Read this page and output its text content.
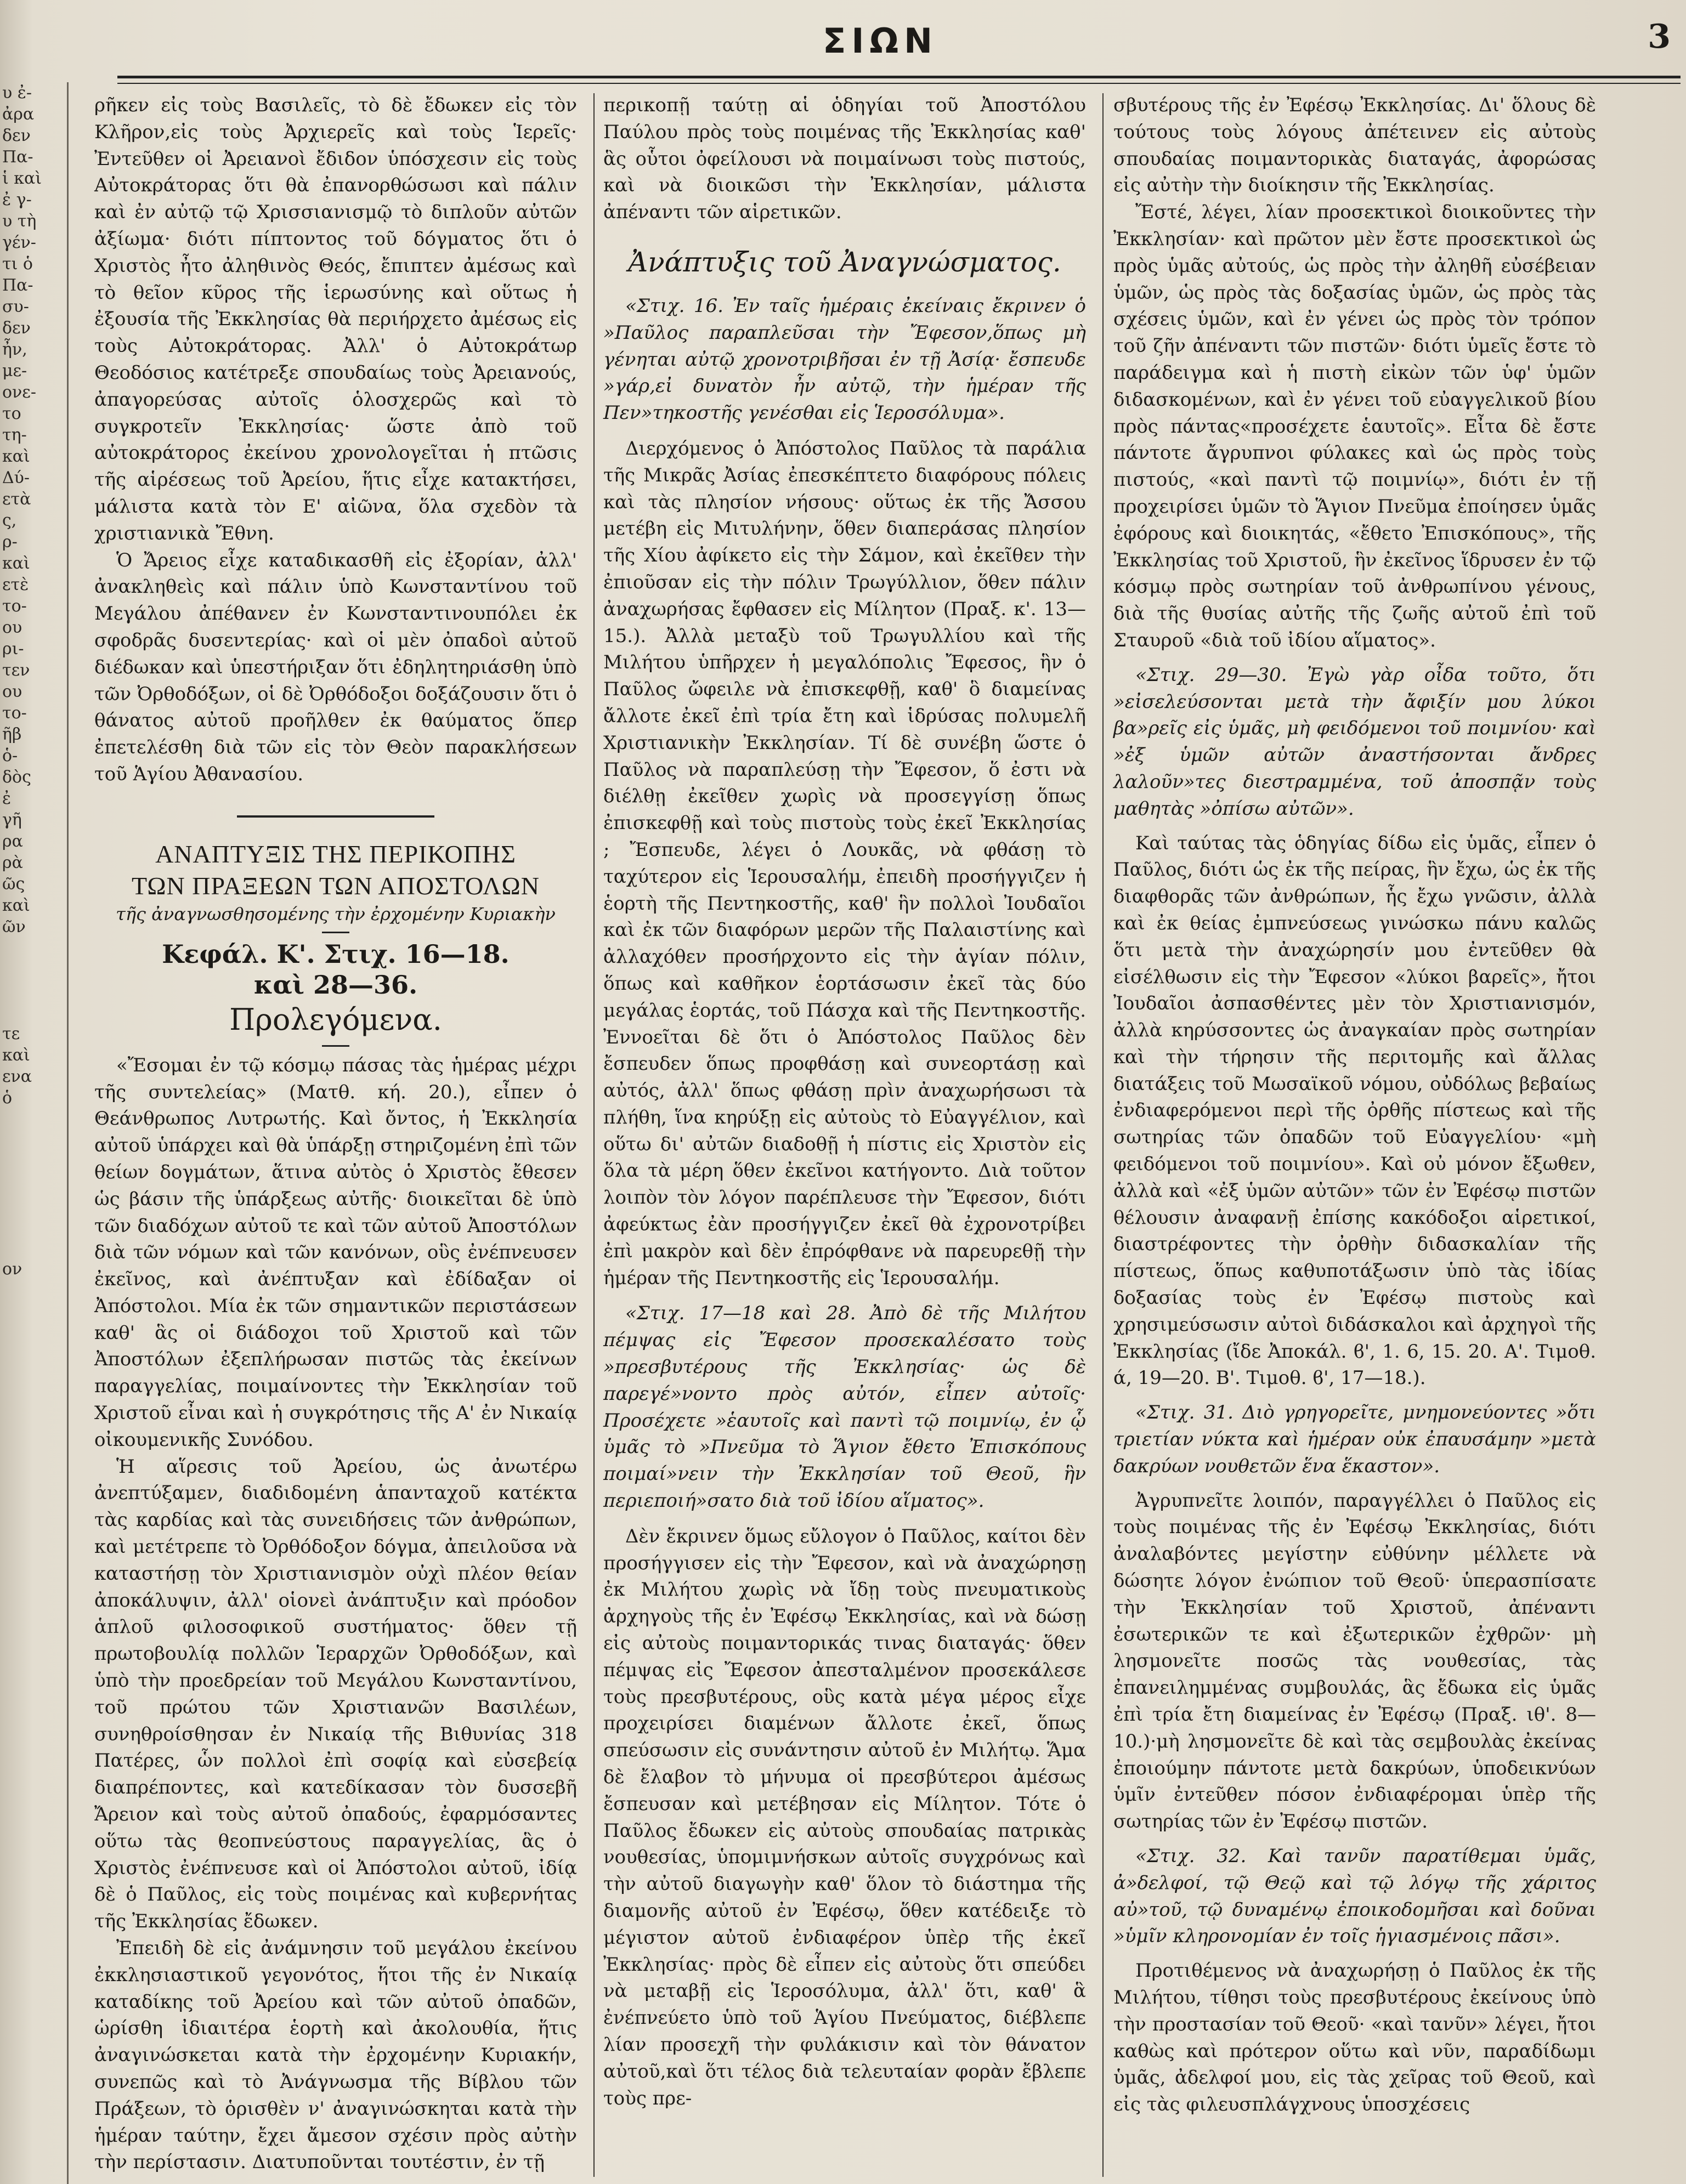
υ ἐ-
ἀρα
δεν
Πα-
ἱ καὶ
ἐ γ-
υ τὴ
γέν-
τι ὁ
Πα-
συ-
δεν
ἦν,
με-
ονε-
το
τη-
καὶ
Δύ-
ετὰ
ς,
ρ-
καὶ
ετὲ
το-
ου
ρι-
τεν
ου
το-
ῆβ
ὁ-
δὸς
ἐ
γῆ
ρα
ρὰ
ῶς
καὶ
ῶν

τε
καὶ
ενα
ὁ

ον

ΣΙΩΝ	3

ρῆκεν εἰς τοὺς Βασιλεῖς, τὸ δὲ ἔδωκεν εἰς τὸν Κλῆρον,εἰς τοὺς Ἀρχιερεῖς καὶ τοὺς Ἱερεῖς· Ἐντεῦθεν οἱ Ἀρειανοὶ ἔδιδον ὑπόσχεσιν εἰς τοὺς Αὐτοκράτορας ὅτι θὰ ἐπανορθώσωσι καὶ πάλιν καὶ ἐν αὐτῷ τῷ Χρισσιανισμῷ τὸ διπλοῦν αὐτῶν ἀξίωμα· διότι πίπτοντος τοῦ δόγματος ὅτι ὁ Χριστὸς ἦτο ἀληθινὸς Θεός, ἔπιπτεν ἀμέσως καὶ τὸ θεῖον κῦρος τῆς ἱερωσύνης καὶ οὕτως ἡ ἐξουσία τῆς Ἐκκλησίας θὰ περιήρχετο ἀμέσως εἰς τοὺς Αὐτοκράτορας. Ἀλλ' ὁ Αὐτοκράτωρ Θεοδόσιος κατέτρεξε σπουδαίως τοὺς Ἀρειανούς, ἀπαγορεύσας αὐτοῖς ὁλοσχερῶς καὶ τὸ συγκροτεῖν Ἐκκλησίας· ὥστε ἀπὸ τοῦ αὐτοκράτορος ἐκείνου χρονολογεῖται ἡ πτῶσις τῆς αἱρέσεως τοῦ Ἀρείου, ἥτις εἶχε κατακτήσει, μάλιστα κατὰ τὸν Ε' αἰῶνα, ὅλα σχεδὸν τὰ χριστιανικὰ Ἔθνη.

Ὁ Ἄρειος εἶχε καταδικασθῆ εἰς ἐξορίαν, ἀλλ' ἀνακληθεὶς καὶ πάλιν ὑπὸ Κωνσταντίνου τοῦ Μεγάλου ἀπέθανεν ἐν Κωνσταντινουπόλει ἐκ σφοδρᾶς δυσεντερίας· καὶ οἱ μὲν ὀπαδοὶ αὐτοῦ διέδωκαν καὶ ὑπεστήριξαν ὅτι ἐδηλητηριάσθη ὑπὸ τῶν Ὀρθοδόξων, οἱ δὲ Ὀρθόδοξοι δοξάζουσιν ὅτι ὁ θάνατος αὐτοῦ προῆλθεν ἐκ θαύματος ὅπερ ἐπετελέσθη διὰ τῶν εἰς τὸν Θεὸν παρακλήσεων τοῦ Ἁγίου Ἀθανασίου.

ΑΝΑΠΤΥΞΙΣ ΤΗΣ ΠΕΡΙΚΟΠΗΣ

ΤΩΝ ΠΡΑΞΕΩΝ ΤΩΝ ΑΠΟΣΤΟΛΩΝ

τῆς ἀναγνωσθησομένης τὴν ἐρχομένην Κυριακὴν

Κεφάλ. Κ'. Στιχ. 16—18.

καὶ 28—36.

Προλεγόμενα.

«Ἔσομαι ἐν τῷ κόσμῳ πάσας τὰς ἡμέρας μέχρι τῆς συντελείας» (Ματθ. κή. 20.), εἶπεν ὁ Θεάνθρωπος Λυτρωτής. Καὶ ὄντος, ἡ Ἐκκλησία αὐτοῦ ὑπάρχει καὶ θὰ ὑπάρξῃ στηριζομένη ἐπὶ τῶν θείων δογμάτων, ἅτινα αὐτὸς ὁ Χριστὸς ἔθεσεν ὡς βάσιν τῆς ὑπάρξεως αὐτῆς· διοικεῖται δὲ ὑπὸ τῶν διαδόχων αὐτοῦ τε καὶ τῶν αὐτοῦ Ἀποστόλων διὰ τῶν νόμων καὶ τῶν κανόνων, οὓς ἐνέπνευσεν ἐκεῖνος, καὶ ἀνέπτυξαν καὶ ἐδίδαξαν οἱ Ἀπόστολοι. Μία ἐκ τῶν σημαντικῶν περιστάσεων καθ' ἃς οἱ διάδοχοι τοῦ Χριστοῦ καὶ τῶν Ἀποστόλων ἐξεπλήρωσαν πιστῶς τὰς ἐκείνων παραγγελίας, ποιμαίνοντες τὴν Ἐκκλησίαν τοῦ Χριστοῦ εἶναι καὶ ἡ συγκρότησις τῆς Α' ἐν Νικαίᾳ οἰκουμενικῆς Συνόδου.

Ἡ αἵρεσις τοῦ Ἀρείου, ὡς ἀνωτέρω ἀνεπτύξαμεν, διαδιδομένη ἁπανταχοῦ κατέκτα τὰς καρδίας καὶ τὰς συνειδήσεις τῶν ἀνθρώπων, καὶ μετέτρεπε τὸ Ὀρθόδοξον δόγμα, ἀπειλοῦσα νὰ καταστήσῃ τὸν Χριστιανισμὸν οὐχὶ πλέον θείαν ἀποκάλυψιν, ἀλλ' οἱονεὶ ἀνάπτυξιν καὶ πρόοδον ἁπλοῦ φιλοσοφικοῦ συστήματος· ὅθεν τῇ πρωτοβουλίᾳ πολλῶν Ἱεραρχῶν Ὀρθοδόξων, καὶ ὑπὸ τὴν προεδρείαν τοῦ Μεγάλου Κωνσταντίνου, τοῦ πρώτου τῶν Χριστιανῶν Βασιλέων, συνηθροίσθησαν ἐν Νικαίᾳ τῆς Βιθυνίας 318 Πατέρες, ὧν πολλοὶ ἐπὶ σοφίᾳ καὶ εὐσεβείᾳ διαπρέποντες, καὶ κατεδίκασαν τὸν δυσσεβῆ Ἄρειον καὶ τοὺς αὐτοῦ ὀπαδούς, ἐφαρμόσαντες οὕτω τὰς θεοπνεύστους παραγγελίας, ἃς ὁ Χριστὸς ἐνέπνευσε καὶ οἱ Ἀπόστολοι αὐτοῦ, ἰδίᾳ δὲ ὁ Παῦλος, εἰς τοὺς ποιμένας καὶ κυβερνήτας τῆς Ἐκκλησίας ἔδωκεν.

Ἐπειδὴ δὲ εἰς ἀνάμνησιν τοῦ μεγάλου ἐκείνου ἐκκλησιαστικοῦ γεγονότος, ἥτοι τῆς ἐν Νικαίᾳ καταδίκης τοῦ Ἀρείου καὶ τῶν αὐτοῦ ὀπαδῶν, ὡρίσθη ἰδιαιτέρα ἑορτὴ καὶ ἀκολουθία, ἥτις ἀναγινώσκεται κατὰ τὴν ἐρχομένην Κυριακήν, συνεπῶς καὶ τὸ Ἀνάγνωσμα τῆς Βίβλου τῶν Πράξεων, τὸ ὁρισθὲν ν' ἀναγινώσκηται κατὰ τὴν ἡμέραν ταύτην, ἔχει ἄμεσον σχέσιν πρὸς αὐτὴν τὴν περίστασιν. Διατυποῦνται τουτέστιν, ἐν τῇ

περικοπῇ ταύτῃ αἱ ὁδηγίαι τοῦ Ἀποστόλου Παύλου πρὸς τοὺς ποιμένας τῆς Ἐκκλησίας καθ' ἃς οὗτοι ὀφείλουσι νὰ ποιμαίνωσι τοὺς πιστούς, καὶ νὰ διοικῶσι τὴν Ἐκκλησίαν, μάλιστα ἀπέναντι τῶν αἱρετικῶν.

Ἀνάπτυξις τοῦ Ἀναγνώσματος.

«Στιχ. 16. Ἐν ταῖς ἡμέραις ἐκείναις ἔκρινεν ὁ »Παῦλος παραπλεῦσαι τὴν Ἔφεσον,ὅπως μὴ γένηται αὐτῷ χρονοτριβῆσαι ἐν τῇ Ἀσίᾳ· ἔσπευδε »γάρ,εἰ δυνατὸν ἦν αὐτῷ, τὴν ἡμέραν τῆς Πεν»τηκοστῆς γενέσθαι εἰς Ἱεροσόλυμα».

Διερχόμενος ὁ Ἀπόστολος Παῦλος τὰ παράλια τῆς Μικρᾶς Ἀσίας ἐπεσκέπτετο διαφόρους πόλεις καὶ τὰς πλησίον νήσους· οὕτως ἐκ τῆς Ἄσσου μετέβη εἰς Μιτυλήνην, ὅθεν διαπεράσας πλησίον τῆς Χίου ἀφίκετο εἰς τὴν Σάμον, καὶ ἐκεῖθεν τὴν ἐπιοῦσαν εἰς τὴν πόλιν Τρωγύλλιον, ὅθεν πάλιν ἀναχωρήσας ἔφθασεν εἰς Μίλητον (Πραξ. κ'. 13—15.). Ἀλλὰ μεταξὺ τοῦ Τρωγυλλίου καὶ τῆς Μιλήτου ὑπῆρχεν ἡ μεγαλόπολις Ἔφεσος, ἣν ὁ Παῦλος ὤφειλε νὰ ἐπισκεφθῇ, καθ' ὃ διαμείνας ἄλλοτε ἐκεῖ ἐπὶ τρία ἔτη καὶ ἱδρύσας πολυμελῆ Χριστιανικὴν Ἐκκλησίαν. Τί δὲ συνέβη ὥστε ὁ Παῦλος νὰ παραπλεύσῃ τὴν Ἔφεσον, ὅ ἐστι νὰ διέλθῃ ἐκεῖθεν χωρὶς νὰ προσεγγίσῃ ὅπως ἐπισκεφθῇ καὶ τοὺς πιστοὺς τοὺς ἐκεῖ Ἐκκλησίας ; Ἔσπευδε, λέγει ὁ Λουκᾶς, νὰ φθάσῃ τὸ ταχύτερον εἰς Ἱερουσαλήμ, ἐπειδὴ προσήγγιζεν ἡ ἑορτὴ τῆς Πεντηκοστῆς, καθ' ἣν πολλοὶ Ἰουδαῖοι καὶ ἐκ τῶν διαφόρων μερῶν τῆς Παλαιστίνης καὶ ἀλλαχόθεν προσήρχοντο εἰς τὴν ἁγίαν πόλιν, ὅπως καὶ καθῆκον ἑορτάσωσιν ἐκεῖ τὰς δύο μεγάλας ἑορτάς, τοῦ Πάσχα καὶ τῆς Πεντηκοστῆς. Ἐννοεῖται δὲ ὅτι ὁ Ἀπόστολος Παῦλος δὲν ἔσπευδεν ὅπως προφθάσῃ καὶ συνεορτάσῃ καὶ αὐτός, ἀλλ' ὅπως φθάσῃ πρὶν ἀναχωρήσωσι τὰ πλήθη, ἵνα κηρύξῃ εἰς αὐτοὺς τὸ Εὐαγγέλιον, καὶ οὕτω δι' αὐτῶν διαδοθῇ ἡ πίστις εἰς Χριστὸν εἰς ὅλα τὰ μέρη ὅθεν ἐκεῖνοι κατήγοντο. Διὰ τοῦτον λοιπὸν τὸν λόγον παρέπλευσε τὴν Ἔφεσον, διότι ἀφεύκτως ἐὰν προσήγγιζεν ἐκεῖ θὰ ἐχρονοτρίβει ἐπὶ μακρὸν καὶ δὲν ἐπρόφθανε νὰ παρευρεθῇ τὴν ἡμέραν τῆς Πεντηκοστῆς εἰς Ἱερουσαλήμ.

«Στιχ. 17—18 καὶ 28. Ἀπὸ δὲ τῆς Μιλήτου πέμψας εἰς Ἔφεσον προσεκαλέσατο τοὺς »πρεσβυτέρους τῆς Ἐκκλησίας· ὡς δὲ παρεγέ»νοντο πρὸς αὐτόν, εἶπεν αὐτοῖς· Προσέχετε »ἑαυτοῖς καὶ παντὶ τῷ ποιμνίῳ, ἐν ᾧ ὑμᾶς τὸ »Πνεῦμα τὸ Ἅγιον ἔθετο Ἐπισκόπους ποιμαί»νειν τὴν Ἐκκλησίαν τοῦ Θεοῦ, ἣν περιεποιή»σατο διὰ τοῦ ἰδίου αἵματος».

Δὲν ἔκρινεν ὅμως εὔλογον ὁ Παῦλος, καίτοι δὲν προσήγγισεν εἰς τὴν Ἔφεσον, καὶ νὰ ἀναχώρησῃ ἐκ Μιλήτου χωρὶς νὰ ἴδῃ τοὺς πνευματικοὺς ἀρχηγοὺς τῆς ἐν Ἐφέσῳ Ἐκκλησίας, καὶ νὰ δώσῃ εἰς αὐτοὺς ποιμαντορικάς τινας διαταγάς· ὅθεν πέμψας εἰς Ἔφεσον ἀπεσταλμένον προσεκάλεσε τοὺς πρεσβυτέρους, οὓς κατὰ μέγα μέρος εἶχε προχειρίσει διαμένων ἄλλοτε ἐκεῖ, ὅπως σπεύσωσιν εἰς συνάντησιν αὐτοῦ ἐν Μιλήτῳ. Ἅμα δὲ ἔλαβον τὸ μήνυμα οἱ πρεσβύτεροι ἀμέσως ἔσπευσαν καὶ μετέβησαν εἰς Μίλητον. Τότε ὁ Παῦλος ἔδωκεν εἰς αὐτοὺς σπουδαίας πατρικὰς νουθεσίας, ὑπομιμνήσκων αὐτοῖς συγχρόνως καὶ τὴν αὐτοῦ διαγωγὴν καθ' ὅλον τὸ διάστημα τῆς διαμονῆς αὐτοῦ ἐν Ἐφέσῳ, ὅθεν κατέδειξε τὸ μέγιστον αὐτοῦ ἐνδιαφέρον ὑπὲρ τῆς ἐκεῖ Ἐκκλησίας· πρὸς δὲ εἶπεν εἰς αὐτοὺς ὅτι σπεύδει νὰ μεταβῇ εἰς Ἱεροσόλυμα, ἀλλ' ὅτι, καθ' ἃ ἐνέπνεύετο ὑπὸ τοῦ Ἁγίου Πνεύματος, διέβλεπε λίαν προσεχῆ τὴν φυλάκισιν καὶ τὸν θάνατον αὐτοῦ,καὶ ὅτι τέλος διὰ τελευταίαν φορὰν ἔβλεπε τοὺς πρε-

σβυτέρους τῆς ἐν Ἐφέσῳ Ἐκκλησίας. Δι' ὅλους δὲ τούτους τοὺς λόγους ἀπέτεινεν εἰς αὐτοὺς σπουδαίας ποιμαντορικὰς διαταγάς, ἀφορώσας εἰς αὐτὴν τὴν διοίκησιν τῆς Ἐκκλησίας.

Ἔστέ, λέγει, λίαν προσεκτικοὶ διοικοῦντες τὴν Ἐκκλησίαν· καὶ πρῶτον μὲν ἔστε προσεκτικοὶ ὡς πρὸς ὑμᾶς αὐτούς, ὡς πρὸς τὴν ἀληθῆ εὐσέβειαν ὑμῶν, ὡς πρὸς τὰς δοξασίας ὑμῶν, ὡς πρὸς τὰς σχέσεις ὑμῶν, καὶ ἐν γένει ὡς πρὸς τὸν τρόπον τοῦ ζῆν ἀπέναντι τῶν πιστῶν· διότι ὑμεῖς ἔστε τὸ παράδειγμα καὶ ἡ πιστὴ εἰκὼν τῶν ὑφ' ὑμῶν διδασκομένων, καὶ ἐν γένει τοῦ εὐαγγελικοῦ βίου πρὸς πάντας«προσέχετε ἑαυτοῖς». Εἶτα δὲ ἔστε πάντοτε ἄγρυπνοι φύλακες καὶ ὡς πρὸς τοὺς πιστούς, «καὶ παντὶ τῷ ποιμνίῳ», διότι ἐν τῇ προχειρίσει ὑμῶν τὸ Ἅγιον Πνεῦμα ἐποίησεν ὑμᾶς ἐφόρους καὶ διοικητάς, «ἔθετο Ἐπισκόπους», τῆς Ἐκκλησίας τοῦ Χριστοῦ, ἣν ἐκεῖνος ἵδρυσεν ἐν τῷ κόσμῳ πρὸς σωτηρίαν τοῦ ἀνθρωπίνου γένους, διὰ τῆς θυσίας αὐτῆς τῆς ζωῆς αὐτοῦ ἐπὶ τοῦ Σταυροῦ «διὰ τοῦ ἰδίου αἵματος».

«Στιχ. 29—30. Ἐγὼ γὰρ οἶδα τοῦτο, ὅτι »εἰσελεύσονται μετὰ τὴν ἄφιξίν μου λύκοι βα»ρεῖς εἰς ὑμᾶς, μὴ φειδόμενοι τοῦ ποιμνίου· καὶ »ἐξ ὑμῶν αὐτῶν ἀναστήσονται ἄνδρες λαλοῦν»τες διεστραμμένα, τοῦ ἀποσπᾷν τοὺς μαθητὰς »ὀπίσω αὐτῶν».

Καὶ ταύτας τὰς ὁδηγίας δίδω εἰς ὑμᾶς, εἶπεν ὁ Παῦλος, διότι ὡς ἐκ τῆς πείρας, ἣν ἔχω, ὡς ἐκ τῆς διαφθορᾶς τῶν ἀνθρώπων, ἧς ἔχω γνῶσιν, ἀλλὰ καὶ ἐκ θείας ἐμπνεύσεως γινώσκω πάνυ καλῶς ὅτι μετὰ τὴν ἀναχώρησίν μου ἐντεῦθεν θὰ εἰσέλθωσιν εἰς τὴν Ἔφεσον «λύκοι βαρεῖς», ἤτοι Ἰουδαῖοι ἀσπασθέντες μὲν τὸν Χριστιανισμόν, ἀλλὰ κηρύσσοντες ὡς ἀναγκαίαν πρὸς σωτηρίαν καὶ τὴν τήρησιν τῆς περιτομῆς καὶ ἄλλας διατάξεις τοῦ Μωσαϊκοῦ νόμου, οὐδόλως βεβαίως ἐνδιαφερόμενοι περὶ τῆς ὀρθῆς πίστεως καὶ τῆς σωτηρίας τῶν ὀπαδῶν τοῦ Εὐαγγελίου· «μὴ φειδόμενοι τοῦ ποιμνίου». Καὶ οὐ μόνον ἔξωθεν, ἀλλὰ καὶ «ἐξ ὑμῶν αὐτῶν» τῶν ἐν Ἐφέσῳ πιστῶν θέλουσιν ἀναφανῇ ἐπίσης κακόδοξοι αἱρετικοί, διαστρέφοντες τὴν ὀρθὴν διδασκαλίαν τῆς πίστεως, ὅπως καθυποτάξωσιν ὑπὸ τὰς ἰδίας δοξασίας τοὺς ἐν Ἐφέσῳ πιστοὺς καὶ χρησιμεύσωσιν αὐτοὶ διδάσκαλοι καὶ ἀρχηγοὶ τῆς Ἐκκλησίας (ἴδε Ἀποκάλ. ϐ', 1. 6, 15. 20. Α'. Τιμοθ. ά, 19—20. Β'. Τιμοθ. ϐ', 17—18.).

«Στιχ. 31. Διὸ γρηγορεῖτε, μνημονεύοντες »ὅτι τριετίαν νύκτα καὶ ἡμέραν οὐκ ἐπαυσάμην »μετὰ δακρύων νουθετῶν ἕνα ἕκαστον».

Ἀγρυπνεῖτε λοιπόν, παραγγέλλει ὁ Παῦλος εἰς τοὺς ποιμένας τῆς ἐν Ἐφέσῳ Ἐκκλησίας, διότι ἀναλαβόντες μεγίστην εὐθύνην μέλλετε νὰ δώσητε λόγον ἐνώπιον τοῦ Θεοῦ· ὑπερασπίσατε τὴν Ἐκκλησίαν τοῦ Χριστοῦ, ἀπέναντι ἐσωτερικῶν τε καὶ ἐξωτερικῶν ἐχθρῶν· μὴ λησμονεῖτε ποσῶς τὰς νουθεσίας, τὰς ἐπανειλημμένας συμβουλάς, ἃς ἔδωκα εἰς ὑμᾶς ἐπὶ τρία ἔτη διαμείνας ἐν Ἐφέσῳ (Πραξ. ιθ'. 8—10.)·μὴ λησμονεῖτε δὲ καὶ τὰς σεμβουλὰς ἐκείνας ἐποιούμην πάντοτε μετὰ δακρύων, ὑποδεικνύων ὑμῖν ἐντεῦθεν πόσον ἐνδιαφέρομαι ὑπὲρ τῆς σωτηρίας τῶν ἐν Ἐφέσῳ πιστῶν.

«Στιχ. 32. Καὶ τανῦν παρατίθεμαι ὑμᾶς, ἀ»δελφοί, τῷ Θεῷ καὶ τῷ λόγῳ τῆς χάριτος αὐ»τοῦ, τῷ δυναμένῳ ἐποικοδομῆσαι καὶ δοῦναι »ὑμῖν κληρονομίαν ἐν τοῖς ἡγιασμένοις πᾶσι».

Προτιθέμενος νὰ ἀναχωρήσῃ ὁ Παῦλος ἐκ τῆς Μιλήτου, τίθησι τοὺς πρεσβυτέρους ἐκείνους ὑπὸ τὴν προστασίαν τοῦ Θεοῦ· «καὶ τανῦν» λέγει, ἤτοι καθὼς καὶ πρότερον οὕτω καὶ νῦν, παραδίδωμι ὑμᾶς, ἀδελφοί μου, εἰς τὰς χεῖρας τοῦ Θεοῦ, καὶ εἰς τὰς φιλευσπλάγχνους ὑποσχέσεις
